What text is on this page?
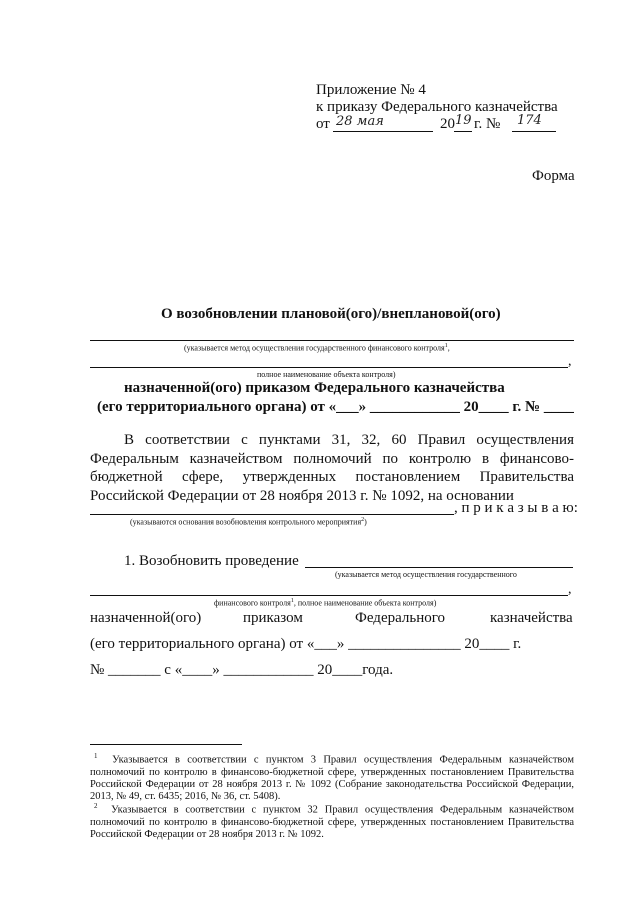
Приложение № 4
к приказу Федерального казначейства
от 28 мая	20 19 г. № 174
Форма
О возобновлении плановой(ого)/внеплановой(ого)
(указывается метод осуществления государственного финансового контроля$^1$,
,
полное наименование объекта контроля)
назначенной(ого) приказом Федерального казначейства
(его территориального органа) от «___» ____________ 20____ г. № ____
В соответствии с пунктами 31, 32, 60 Правил осуществления Федеральным казначейством полномочий по контролю в финансово-бюджетной сфере, утвержденных постановлением Правительства Российской Федерации от 28 ноября 2013 г. № 1092, на основании
, п р и к а з ы в а ю:
(указываются основания возобновления контрольного мероприятия$^2$)
1. Возобновить проведение
(указывается метод осуществления государственного
,
финансового контроля$^1$, полное наименование объекта контроля)
назначенной(ого)	приказом	Федерального	казначейства
(его территориального органа) от «___» _______________ 20____ г.
№ _______ с «____» ____________ 20____года.
$^1$ Указывается в соответствии с пунктом 3 Правил осуществления Федеральным казначейством полномочий по контролю в финансово-бюджетной сфере, утвержденных постановлением Правительства Российской Федерации от 28 ноября 2013 г. № 1092 (Собрание законодательства Российской Федерации, 2013, № 49, ст. 6435; 2016, № 36, ст. 5408).
$^2$ Указывается в соответствии с пунктом 32 Правил осуществления Федеральным казначейством полномочий по контролю в финансово-бюджетной сфере, утвержденных постановлением Правительства Российской Федерации от 28 ноября 2013 г. № 1092.
